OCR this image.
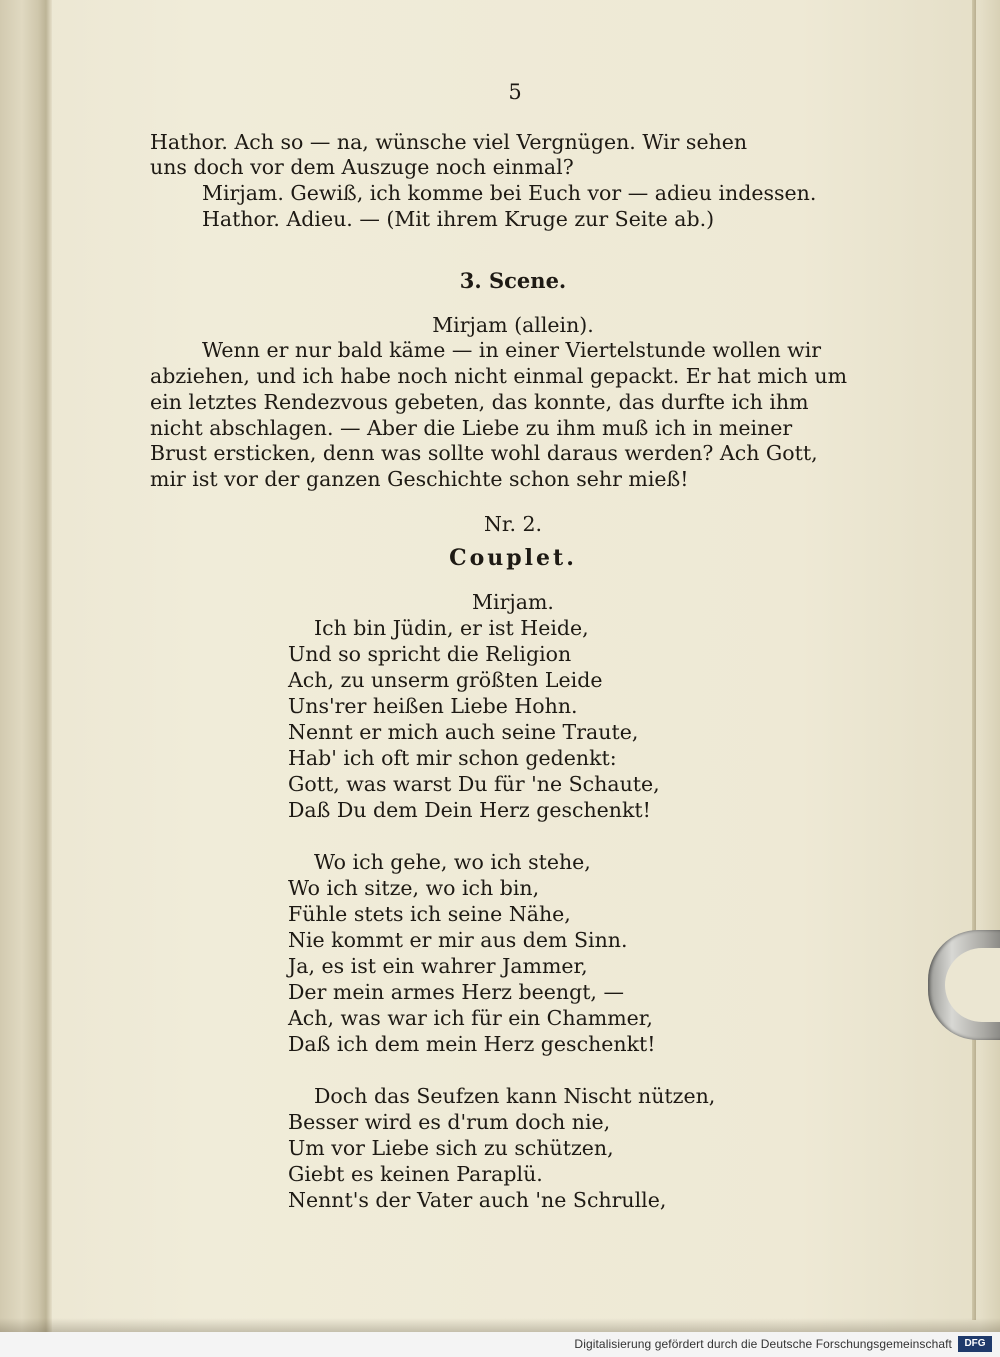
5
Hathor. Ach so — na, wünsche viel Vergnügen. Wir sehen
uns doch vor dem Auszuge noch einmal?
Mirjam. Gewiß, ich komme bei Euch vor — adieu indessen.
Hathor. Adieu. — (Mit ihrem Kruge zur Seite ab.)
3. Scene.
Mirjam (allein).
Wenn er nur bald käme — in einer Viertelstunde wollen wir
abziehen, und ich habe noch nicht einmal gepackt. Er hat mich um
ein letztes Rendezvous gebeten, das konnte, das durfte ich ihm
nicht abschlagen. — Aber die Liebe zu ihm muß ich in meiner
Brust ersticken, denn was sollte wohl daraus werden? Ach Gott,
mir ist vor der ganzen Geschichte schon sehr mieß!
Nr. 2.
Couplet.
Mirjam.
Ich bin Jüdin, er ist Heide,
Und so spricht die Religion
Ach, zu unserm größten Leide
Uns'rer heißen Liebe Hohn.
Nennt er mich auch seine Traute,
Hab' ich oft mir schon gedenkt:
Gott, was warst Du für 'ne Schaute,
Daß Du dem Dein Herz geschenkt!
Wo ich gehe, wo ich stehe,
Wo ich sitze, wo ich bin,
Fühle stets ich seine Nähe,
Nie kommt er mir aus dem Sinn.
Ja, es ist ein wahrer Jammer,
Der mein armes Herz beengt, —
Ach, was war ich für ein Chammer,
Daß ich dem mein Herz geschenkt!
Doch das Seufzen kann Nischt nützen,
Besser wird es d'rum doch nie,
Um vor Liebe sich zu schützen,
Giebt es keinen Paraplü.
Nennt's der Vater auch 'ne Schrulle,
Digitalisierung gefördert durch die Deutsche Forschungsgemeinschaft	DFG
